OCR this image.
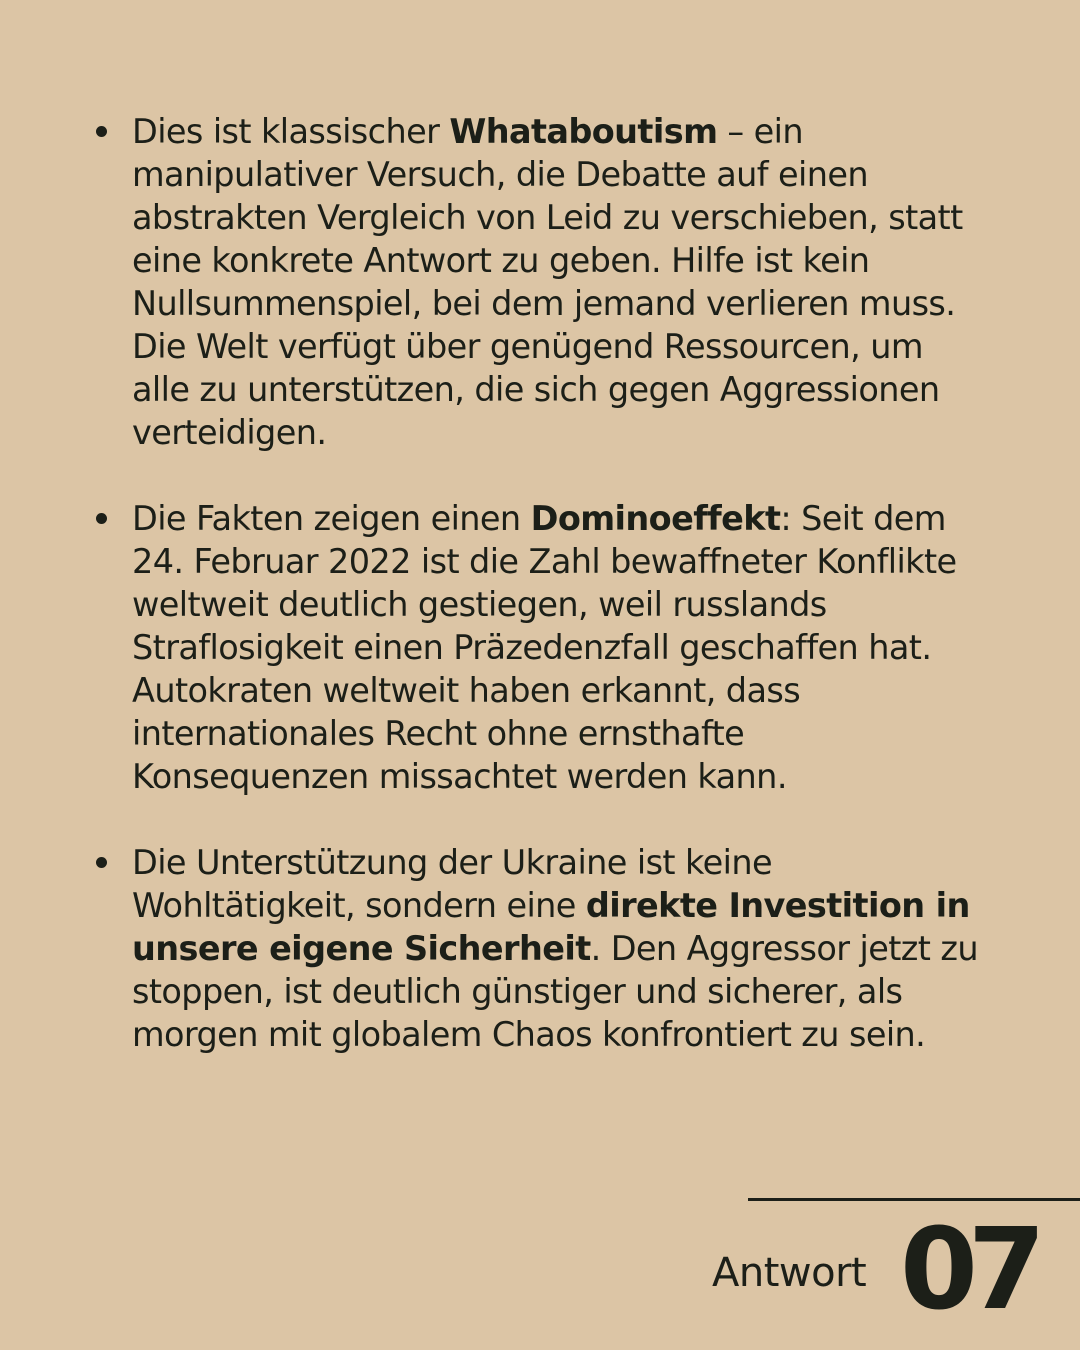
Dies ist klassischer Whataboutism – ein manipulativer Versuch, die Debatte auf einen abstrakten Vergleich von Leid zu verschieben, statt eine konkrete Antwort zu geben. Hilfe ist kein Nullsummenspiel, bei dem jemand verlieren muss. Die Welt verfügt über genügend Ressourcen, um alle zu unterstützen, die sich gegen Aggressionen verteidigen.
Die Fakten zeigen einen Dominoeffekt: Seit dem 24. Februar 2022 ist die Zahl bewaffneter Konflikte weltweit deutlich gestiegen, weil russlands Straflosigkeit einen Präzedenzfall geschaffen hat. Autokraten weltweit haben erkannt, dass internationales Recht ohne ernsthafte Konsequenzen missachtet werden kann.
Die Unterstützung der Ukraine ist keine Wohltätigkeit, sondern eine direkte Investition in unsere eigene Sicherheit. Den Aggressor jetzt zu stoppen, ist deutlich günstiger und sicherer, als morgen mit globalem Chaos konfrontiert zu sein.
Antwort 07
